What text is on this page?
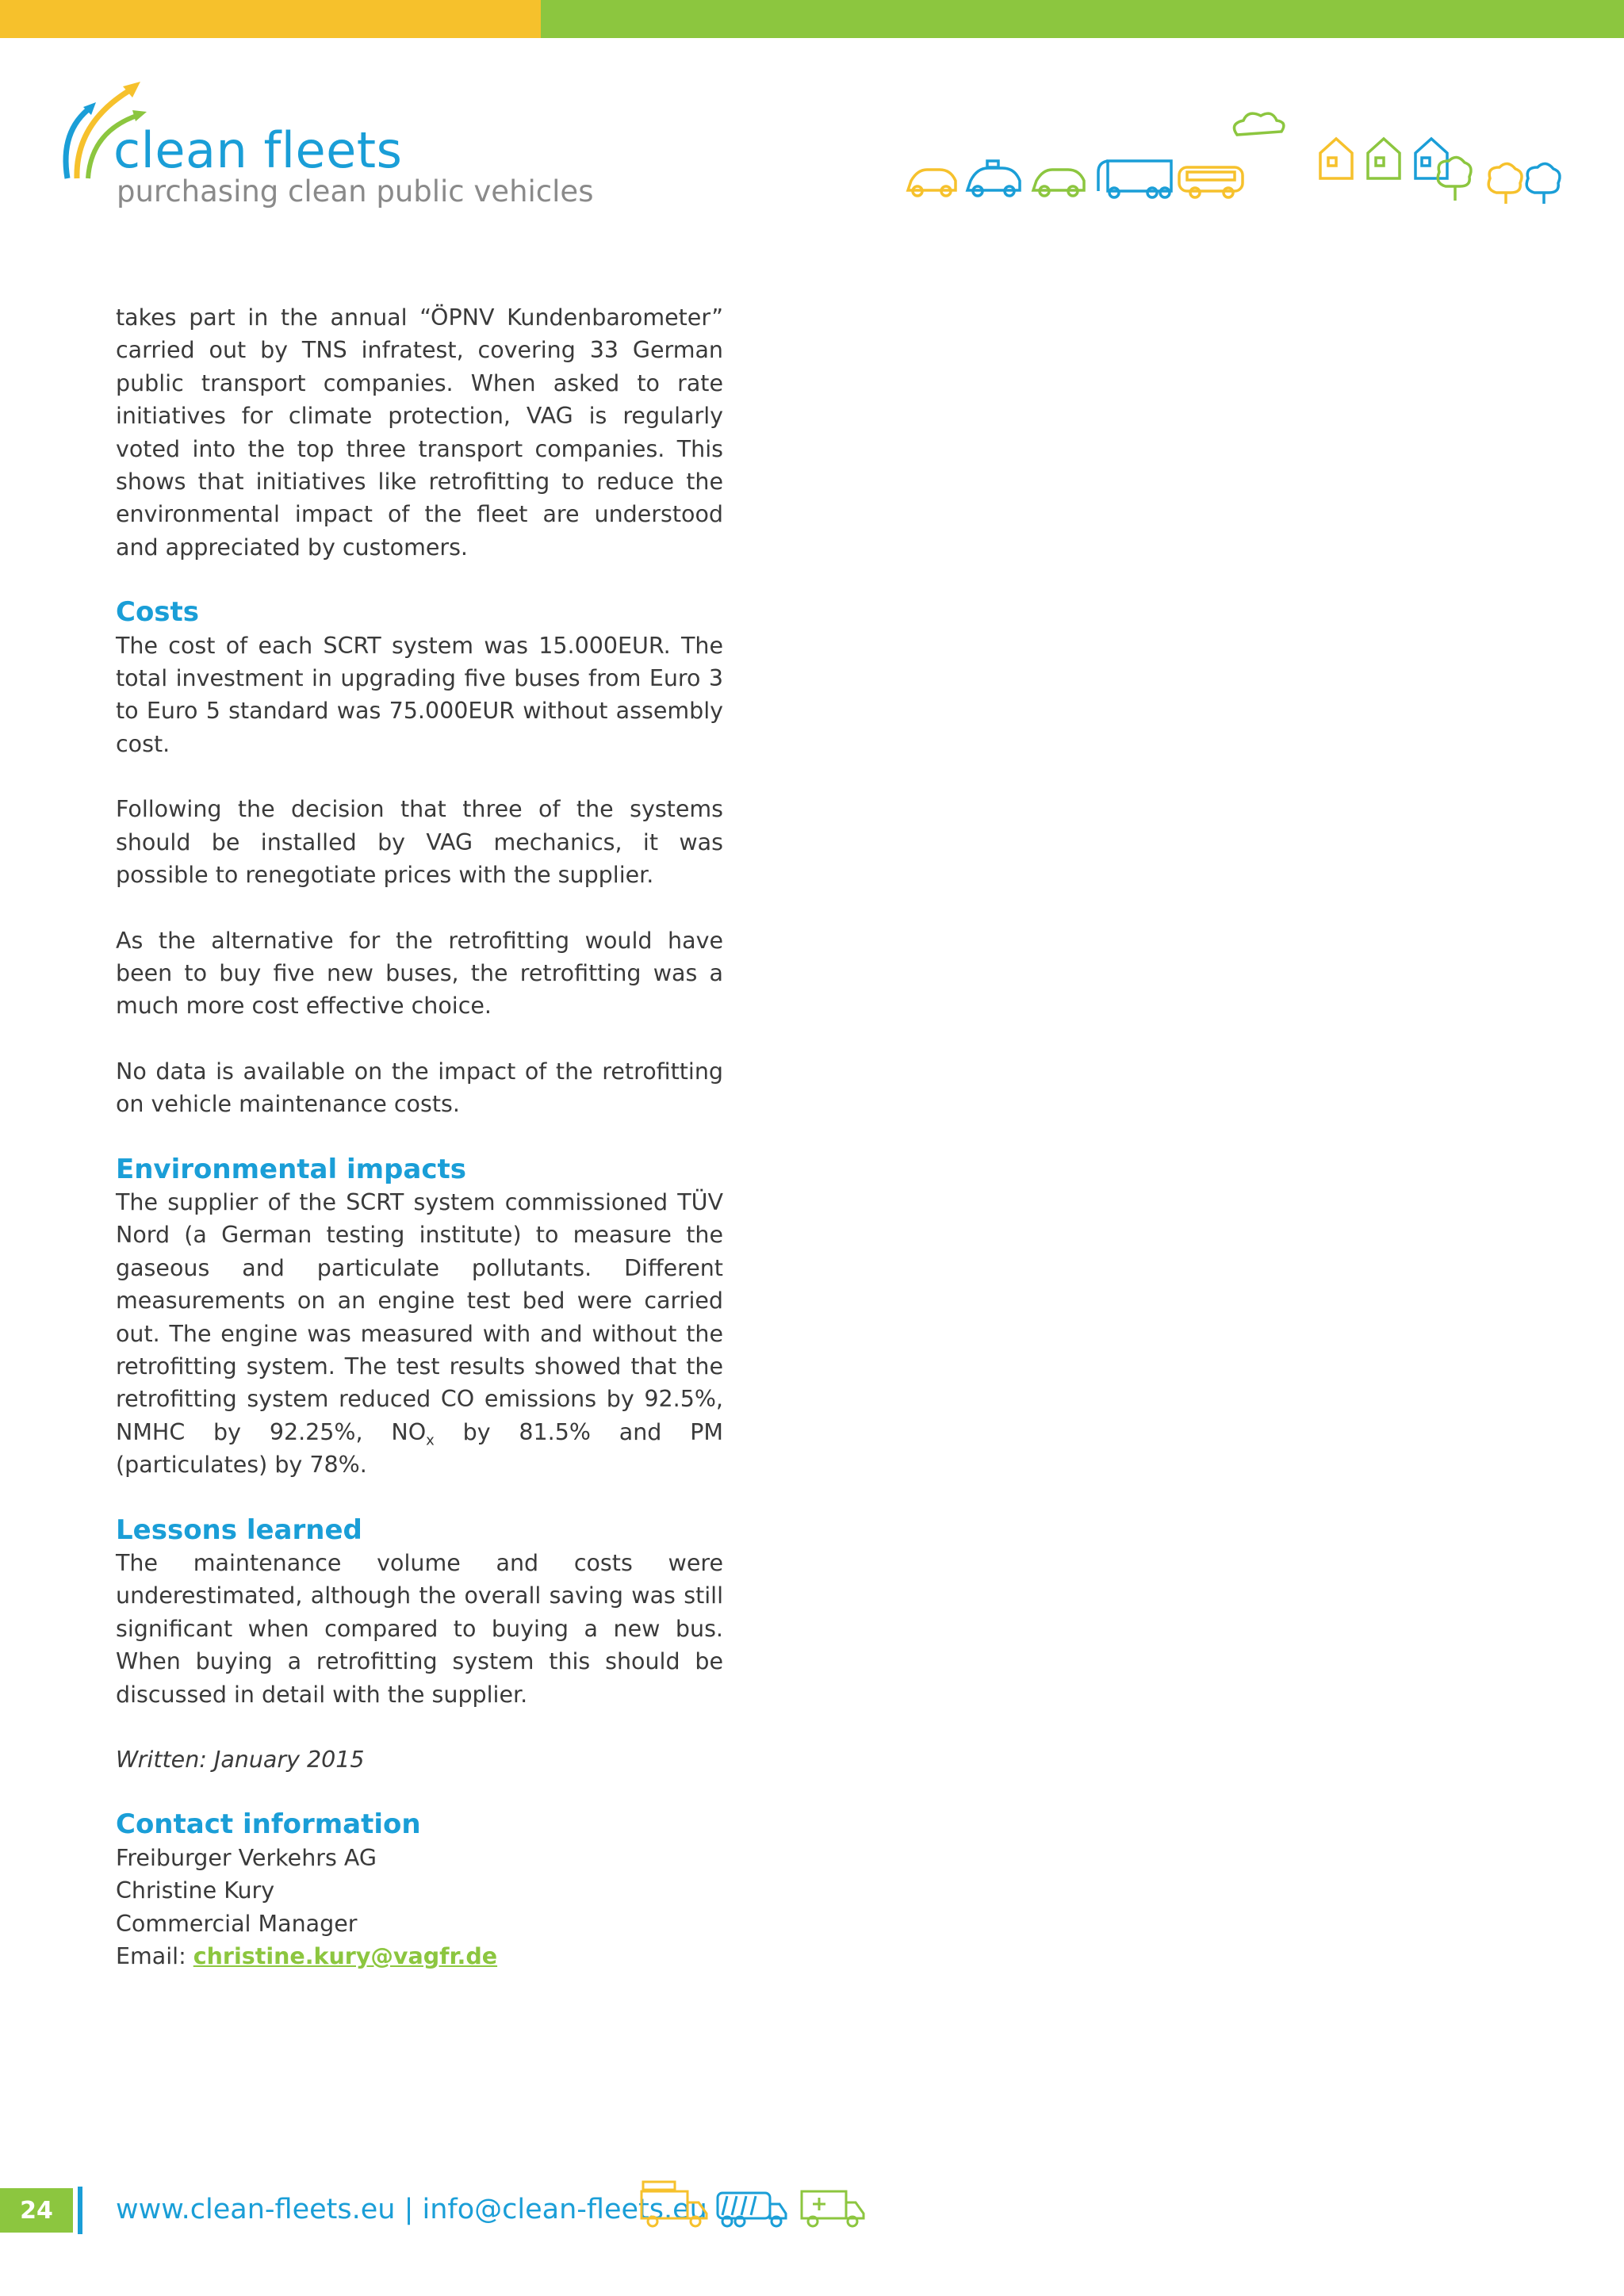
clean fleets
purchasing clean public vehicles

takes part in the annual “ÖPNV Kundenbarometer” carried out by TNS infratest, covering 33 German public transport companies. When asked to rate initiatives for climate protection, VAG is regularly voted into the top three transport companies. This shows that initiatives like retrofitting to reduce the environmental impact of the fleet are understood and appreciated by customers.

Costs

The cost of each SCRT system was 15.000EUR. The total investment in upgrading five buses from Euro 3 to Euro 5 standard was 75.000EUR without assembly cost.

Following the decision that three of the systems should be installed by VAG mechanics, it was possible to renegotiate prices with the supplier.

As the alternative for the retrofitting would have been to buy five new buses, the retrofitting was a much more cost effective choice.

No data is available on the impact of the retrofitting on vehicle maintenance costs.

Environmental impacts

The supplier of the SCRT system commissioned TÜV Nord (a German testing institute) to measure the gaseous and particulate pollutants. Different measurements on an engine test bed were carried out. The engine was measured with and without the retrofitting system. The test results showed that the retrofitting system reduced CO emissions by 92.5%, NMHC by 92.25%, $NO_x$ by 81.5% and PM (particulates) by 78%.

Lessons learned

The maintenance volume and costs were underestimated, although the overall saving was still significant when compared to buying a new bus. When buying a retrofitting system this should be discussed in detail with the supplier.

Written: January 2015

Contact information

Freiburger Verkehrs AG

Christine Kury

Commercial Manager

Email: christine.kury@vagfr.de

24	www.clean-fleets.eu | info@clean-fleets.eu
